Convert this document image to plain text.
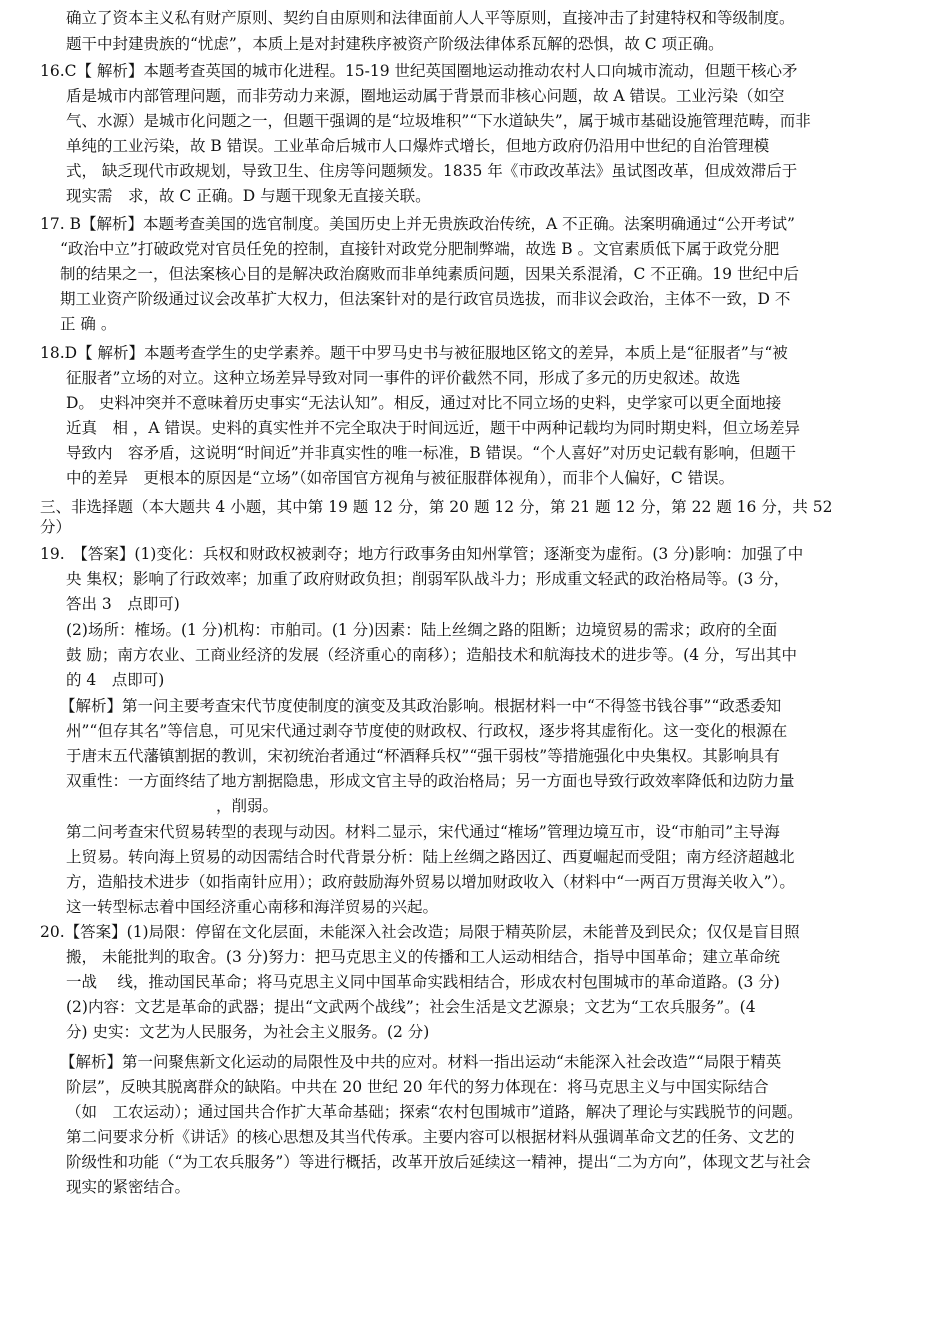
确立了资本主义私有财产原则、契约自由原则和法律面前人人平等原则，直接冲击了封建特权和等级制度。
题干中封建贵族的“忧虑”，本质上是对封建秩序被资产阶级法律体系瓦解的恐惧，故 C 项正确。
16.C【 解析】本题考查英国的城市化进程。15-19 世纪英国圈地运动推动农村人口向城市流动，但题干核心矛
盾是城市内部管理问题，而非劳动力来源，圈地运动属于背景而非核心问题，故 A 错误。工业污染（如空
气、水源）是城市化问题之一，但题干强调的是“垃圾堆积”“下水道缺失”，属于城市基础设施管理范畴，而非
单纯的工业污染，故 B 错误。工业革命后城市人口爆炸式增长，但地方政府仍沿用中世纪的自治管理模
式， 缺乏现代市政规划，导致卫生、住房等问题频发。1835 年《市政改革法》虽试图改革，但成效滞后于
现实需　求，故 C 正确。D 与题干现象无直接关联。
17. B【解析】本题考查美国的选官制度。美国历史上并无贵族政治传统，A 不正确。法案明确通过“公开考试”
“政治中立”打破政党对官员任免的控制，直接针对政党分肥制弊端，故选 B 。文官素质低下属于政党分肥
制的结果之一，但法案核心目的是解决政治腐败而非单纯素质问题，因果关系混淆，C 不正确。19 世纪中后
期工业资产阶级通过议会改革扩大权力，但法案针对的是行政官员选拔，而非议会政治，主体不一致，D 不
正 确 。
18.D【 解析】本题考查学生的史学素养。题干中罗马史书与被征服地区铭文的差异，本质上是“征服者”与“被
征服者”立场的对立。这种立场差异导致对同一事件的评价截然不同，形成了多元的历史叙述。故选
D。 史料冲突并不意味着历史事实“无法认知”。相反，通过对比不同立场的史料，史学家可以更全面地接
近真　相 ，A 错误。史料的真实性并不完全取决于时间远近，题干中两种记载均为同时期史料，但立场差异
导致内　容矛盾，这说明“时间近”并非真实性的唯一标准，B 错误。“个人喜好”对历史记载有影响，但题干
中的差异　更根本的原因是“立场”（如帝国官方视角与被征服群体视角），而非个人偏好，C 错误。
三、非选择题（本大题共 4 小题，其中第 19 题 12 分，第 20 题 12 分，第 21 题 12 分，第 22 题 16 分，共 52
分）
19.　【答案】(1)变化：兵权和财政权被剥夺；地方行政事务由知州掌管；逐渐变为虚衔。(3 分)影响：加强了中
央 集权；影响了行政效率；加重了政府财政负担；削弱军队战斗力；形成重文轻武的政治格局等。(3 分，
答出 3　点即可)
(2)场所：榷场。(1 分)机构：市舶司。(1 分)因素：陆上丝绸之路的阻断；边境贸易的需求；政府的全面
鼓 励；南方农业、工商业经济的发展（经济重心的南移）；造船技术和航海技术的进步等。(4 分，写出其中
的 4　点即可)
【解析】第一问主要考查宋代节度使制度的演变及其政治影响。根据材料一中“不得签书钱谷事”“政悉委知
州”“但存其名”等信息，可见宋代通过剥夺节度使的财政权、行政权，逐步将其虚衔化。这一变化的根源在
于唐末五代藩镇割据的教训，宋初统治者通过“杯酒释兵权”“强干弱枝”等措施强化中央集权。其影响具有
双重性：一方面终结了地方割据隐患，形成文官主导的政治格局；另一方面也导致行政效率降低和边防力量
，削弱。
第二问考查宋代贸易转型的表现与动因。材料二显示，宋代通过“榷场”管理边境互市，设“市舶司”主导海
上贸易。转向海上贸易的动因需结合时代背景分析：陆上丝绸之路因辽、西夏崛起而受阻；南方经济超越北
方，造船技术进步（如指南针应用）；政府鼓励海外贸易以增加财政收入（材料中“一两百万贯海关收入”）。
这一转型标志着中国经济重心南移和海洋贸易的兴起。
20.【答案】(1)局限：停留在文化层面，未能深入社会改造；局限于精英阶层，未能普及到民众；仅仅是盲目照
搬， 未能批判的取舍。(3 分)努力：把马克思主义的传播和工人运动相结合，指导中国革命；建立革命统
一战　 线，推动国民革命；将马克思主义同中国革命实践相结合，形成农村包围城市的革命道路。(3 分)
(2)内容：文艺是革命的武器；提出“文武两个战线”；社会生活是文艺源泉；文艺为“工农兵服务”。(4
分) 史实：文艺为人民服务，为社会主义服务。(2 分)
【解析】第一问聚焦新文化运动的局限性及中共的应对。材料一指出运动“未能深入社会改造”“局限于精英
阶层”，反映其脱离群众的缺陷。中共在 20 世纪 20 年代的努力体现在：将马克思主义与中国实际结合
（如　工农运动）；通过国共合作扩大革命基础；探索“农村包围城市”道路，解决了理论与实践脱节的问题。
第二问要求分析《讲话》的核心思想及其当代传承。主要内容可以根据材料从强调革命文艺的任务、文艺的
阶级性和功能（“为工农兵服务”）等进行概括，改革开放后延续这一精神，提出“二为方向”，体现文艺与社会
现实的紧密结合。
